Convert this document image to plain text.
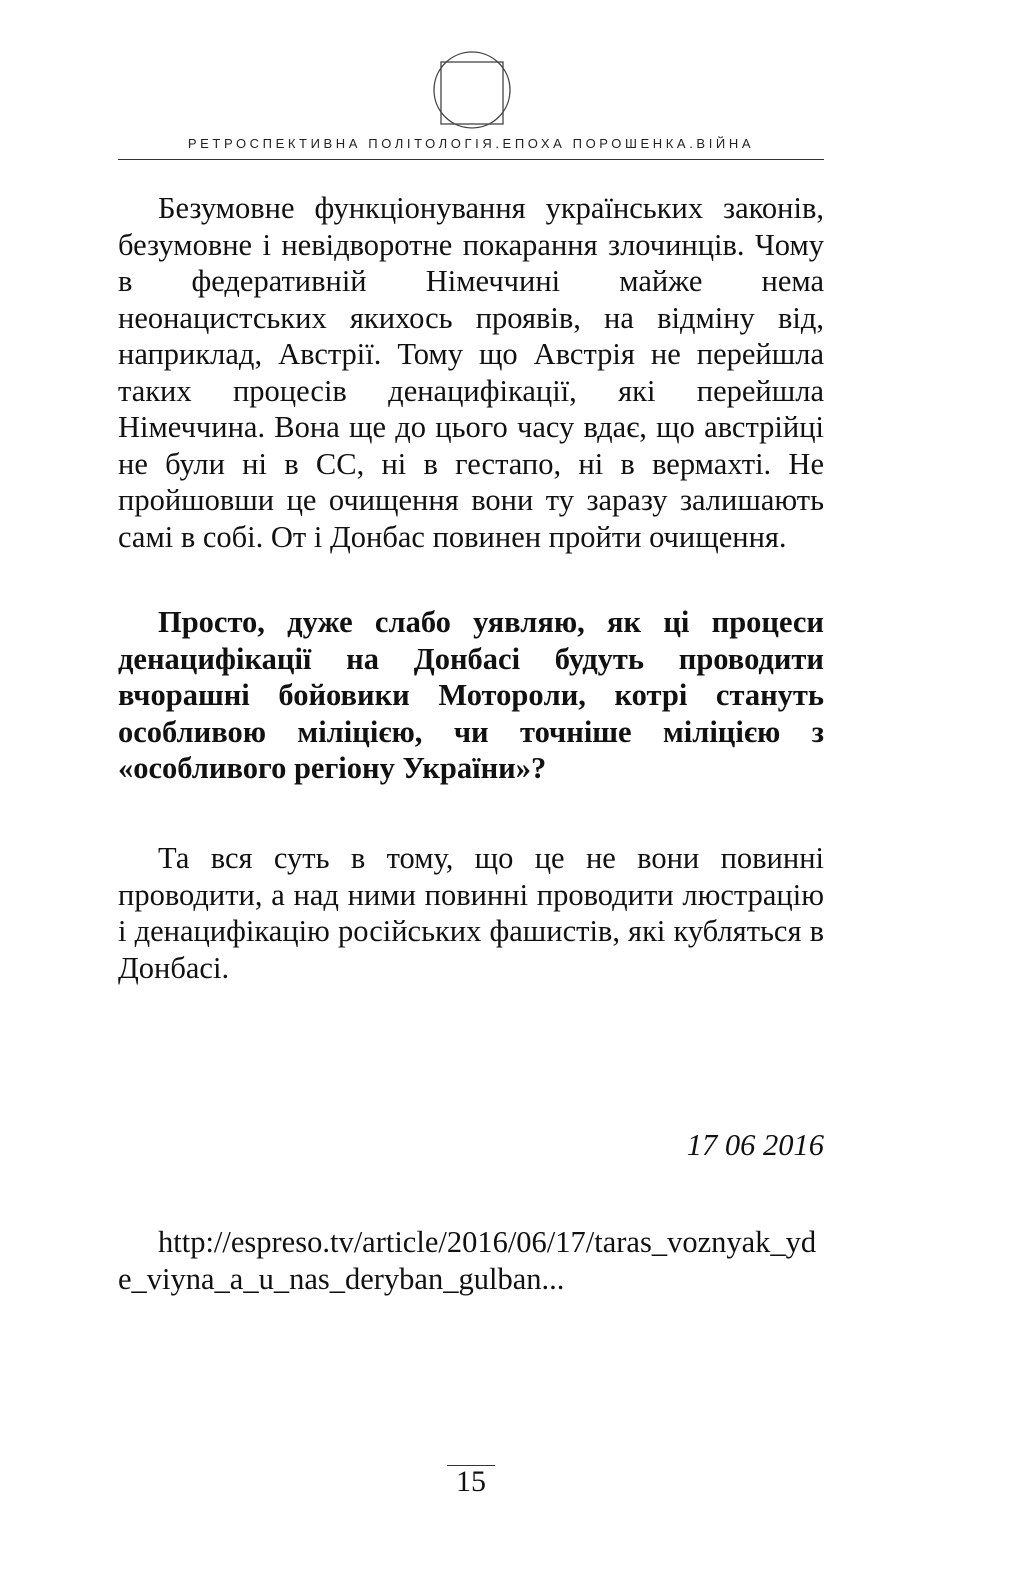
РЕТРОСПЕКТИВНА ПОЛІТОЛОГІЯ.ЕПОХА ПОРОШЕНКА.ВІЙНА

Безумовне функціонування українських законів, безумовне і невідворотне покарання злочинців. Чому в федеративній Німеччині майже нема неонацистських якихось проявів, на відміну від, наприклад, Австрії. Тому що Австрія не перейшла таких процесів денацифікації, які перейшла Німеччина. Вона ще до цього часу вдає, що австрійці не були ні в СС, ні в гестапо, ні в вермахті. Не пройшовши це очищення вони ту заразу залишають самі в собі. От і Донбас повинен пройти очищення.

Просто, дуже слабо уявляю, як ці процеси денацифікації на Донбасі будуть проводити вчорашні бойовики Моторoли, котрі стануть особливою міліцією, чи точніше міліцією з «особливого регіону України»?

Та вся суть в тому, що це не вони повинні проводити, а над ними повинні проводити люстрацію і денацифікацію російських фашистів, які кубляться в Донбасі.

17 06 2016

http://espreso.tv/article/2016/06/17/taras_voznyak_yde_viyna_a_u_nas_deryban_gulban...

15
